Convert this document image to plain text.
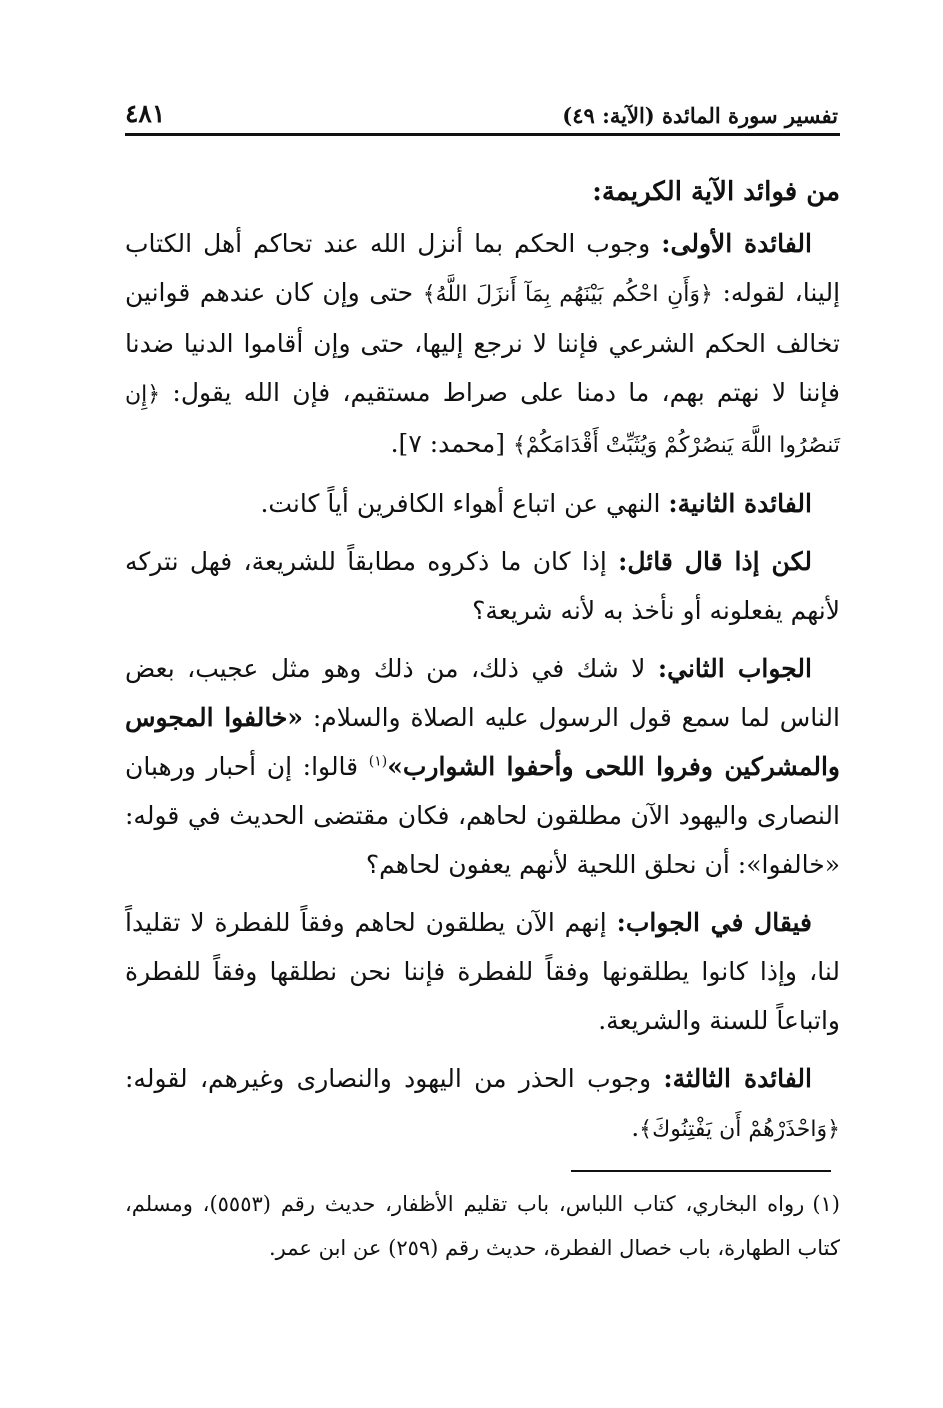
تفسير سورة المائدة (الآية: ٤٩)
٤٨١
من فوائد الآية الكريمة:

الفائدة الأولى: وجوب الحكم بما أنزل الله عند تحاكم أهل الكتاب إلينا، لقوله: ﴿وَأَنِ احْكُم بَيْنَهُم بِمَآ أَنزَلَ اللَّهُ﴾ حتى وإن كان عندهم قوانين تخالف الحكم الشرعي فإننا لا نرجع إليها، حتى وإن أقاموا الدنيا ضدنا فإننا لا نهتم بهم، ما دمنا على صراط مستقيم، فإن الله يقول: ﴿إِن تَنصُرُوا اللَّهَ يَنصُرْكُمْ وَيُثَبِّتْ أَقْدَامَكُمْ﴾ [محمد: ٧].

الفائدة الثانية: النهي عن اتباع أهواء الكافرين أياً كانت.

لكن إذا قال قائل: إذا كان ما ذكروه مطابقاً للشريعة، فهل نتركه لأنهم يفعلونه أو نأخذ به لأنه شريعة؟

الجواب الثاني: لا شك في ذلك، من ذلك وهو مثل عجيب، بعض الناس لما سمع قول الرسول عليه الصلاة والسلام: «خالفوا المجوس والمشركين وفروا اللحى وأحفوا الشوارب»$^{(١)}$ قالوا: إن أحبار ورهبان النصارى واليهود الآن مطلقون لحاهم، فكان مقتضى الحديث في قوله: «خالفوا»: أن نحلق اللحية لأنهم يعفون لحاهم؟

فيقال في الجواب: إنهم الآن يطلقون لحاهم وفقاً للفطرة لا تقليداً لنا، وإذا كانوا يطلقونها وفقاً للفطرة فإننا نحن نطلقها وفقاً للفطرة واتباعاً للسنة والشريعة.

الفائدة الثالثة: وجوب الحذر من اليهود والنصارى وغيرهم، لقوله: ﴿وَاحْذَرْهُمْ أَن يَفْتِنُوكَ﴾.

(١)رواه البخاري، كتاب اللباس، باب تقليم الأظفار، حديث رقم (٥٥٥٣)، ومسلم، كتاب الطهارة، باب خصال الفطرة، حديث رقم (٢٥٩) عن ابن عمر.
